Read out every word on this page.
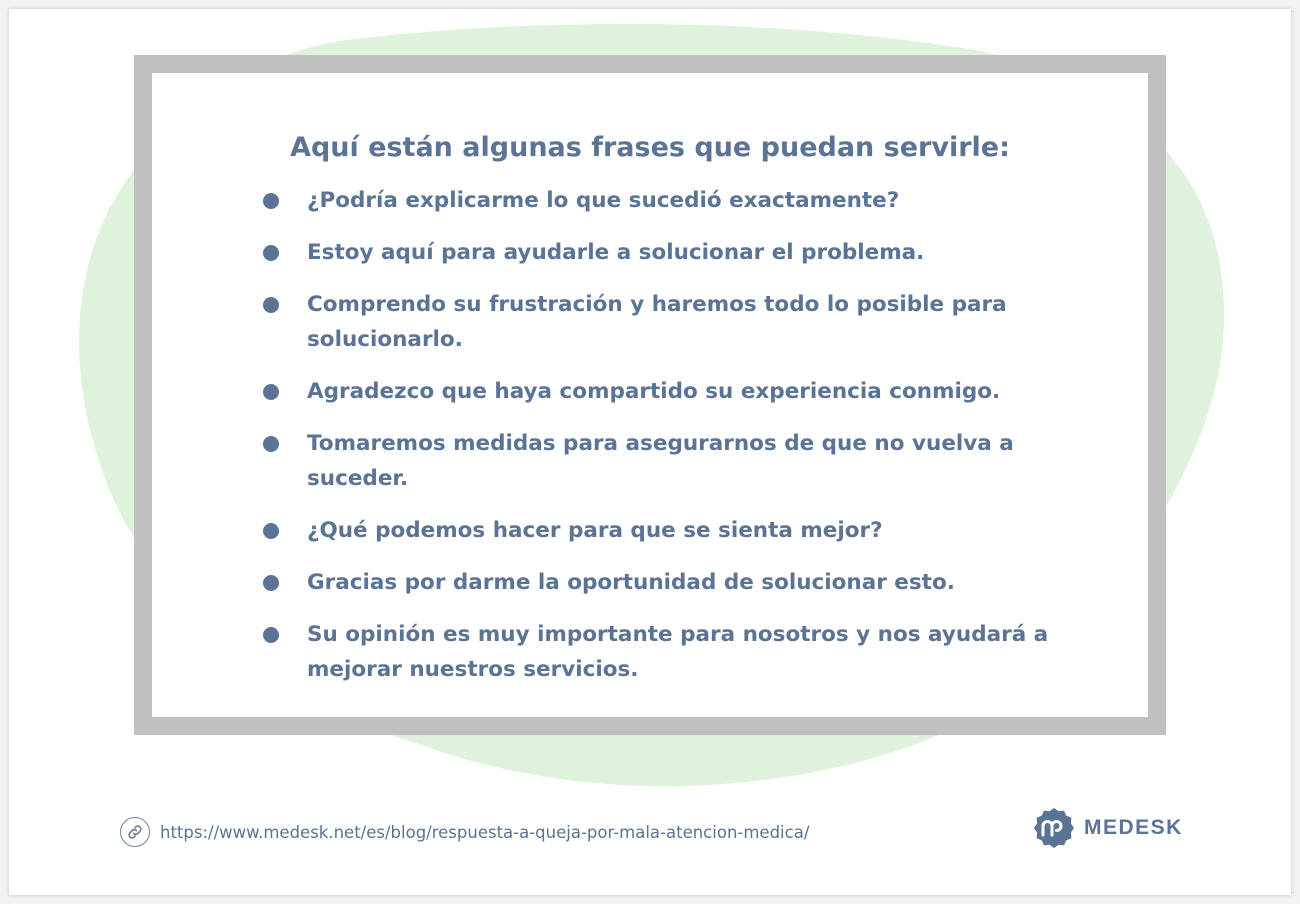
Aquí están algunas frases que puedan servirle:
¿Podría explicarme lo que sucedió exactamente?
Estoy aquí para ayudarle a solucionar el problema.
Comprendo su frustración y haremos todo lo posible para solucionarlo.
Agradezco que haya compartido su experiencia conmigo.
Tomaremos medidas para asegurarnos de que no vuelva a suceder.
¿Qué podemos hacer para que se sienta mejor?
Gracias por darme la oportunidad de solucionar esto.
Su opinión es muy importante para nosotros y nos ayudará a mejorar nuestros servicios.
https://www.medesk.net/es/blog/respuesta-a-queja-por-mala-atencion-medica/	MEDESK
